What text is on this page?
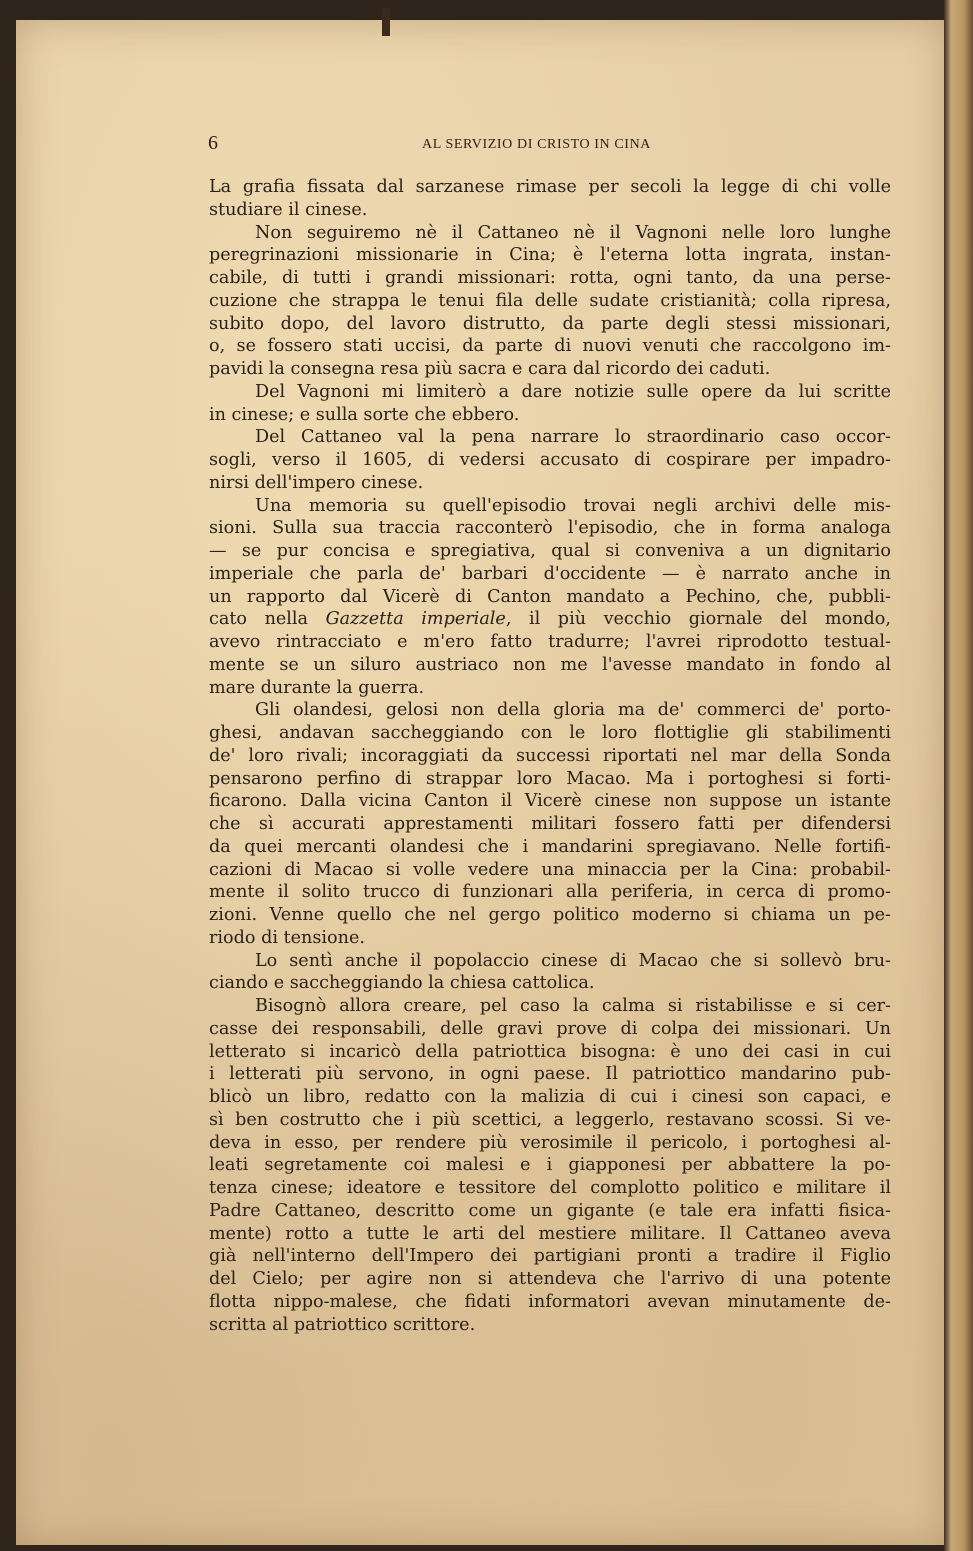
6	AL SERVIZIO DI CRISTO IN CINA
La grafia fissata dal sarzanese rimase per secoli la legge di chi volle
studiare il cinese.
Non seguiremo nè il Cattaneo nè il Vagnoni nelle loro lunghe
peregrinazioni missionarie in Cina; è l'eterna lotta ingrata, instan-
cabile, di tutti i grandi missionari: rotta, ogni tanto, da una perse-
cuzione che strappa le tenui fila delle sudate cristianità; colla ripresa,
subito dopo, del lavoro distrutto, da parte degli stessi missionari,
o, se fossero stati uccisi, da parte di nuovi venuti che raccolgono im-
pavidi la consegna resa più sacra e cara dal ricordo dei caduti.
Del Vagnoni mi limiterò a dare notizie sulle opere da lui scritte
in cinese; e sulla sorte che ebbero.
Del Cattaneo val la pena narrare lo straordinario caso occor-
sogli, verso il 1605, di vedersi accusato di cospirare per impadro-
nirsi dell'impero cinese.
Una memoria su quell'episodio trovai negli archivi delle mis-
sioni. Sulla sua traccia racconterò l'episodio, che in forma analoga
— se pur concisa e spregiativa, qual si conveniva a un dignitario
imperiale che parla de' barbari d'occidente — è narrato anche in
un rapporto dal Vicerè di Canton mandato a Pechino, che, pubbli-
cato nella Gazzetta imperiale, il più vecchio giornale del mondo,
avevo rintracciato e m'ero fatto tradurre; l'avrei riprodotto testual-
mente se un siluro austriaco non me l'avesse mandato in fondo al
mare durante la guerra.
Gli olandesi, gelosi non della gloria ma de' commerci de' porto-
ghesi, andavan saccheggiando con le loro flottiglie gli stabilimenti
de' loro rivali; incoraggiati da successi riportati nel mar della Sonda
pensarono perfino di strappar loro Macao. Ma i portoghesi si forti-
ficarono. Dalla vicina Canton il Vicerè cinese non suppose un istante
che sì accurati apprestamenti militari fossero fatti per difendersi
da quei mercanti olandesi che i mandarini spregiavano. Nelle fortifi-
cazioni di Macao si volle vedere una minaccia per la Cina: probabil-
mente il solito trucco di funzionari alla periferia, in cerca di promo-
zioni. Venne quello che nel gergo politico moderno si chiama un pe-
riodo di tensione.
Lo sentì anche il popolaccio cinese di Macao che si sollevò bru-
ciando e saccheggiando la chiesa cattolica.
Bisognò allora creare, pel caso la calma si ristabilisse e si cer-
casse dei responsabili, delle gravi prove di colpa dei missionari. Un
letterato si incaricò della patriottica bisogna: è uno dei casi in cui
i letterati più servono, in ogni paese. Il patriottico mandarino pub-
blicò un libro, redatto con la malizia di cui i cinesi son capaci, e
sì ben costrutto che i più scettici, a leggerlo, restavano scossi. Si ve-
deva in esso, per rendere più verosimile il pericolo, i portoghesi al-
leati segretamente coi malesi e i giapponesi per abbattere la po-
tenza cinese; ideatore e tessitore del complotto politico e militare il
Padre Cattaneo, descritto come un gigante (e tale era infatti fisica-
mente) rotto a tutte le arti del mestiere militare. Il Cattaneo aveva
già nell'interno dell'Impero dei partigiani pronti a tradire il Figlio
del Cielo; per agire non si attendeva che l'arrivo di una potente
flotta nippo-malese, che fidati informatori avevan minutamente de-
scritta al patriottico scrittore.
